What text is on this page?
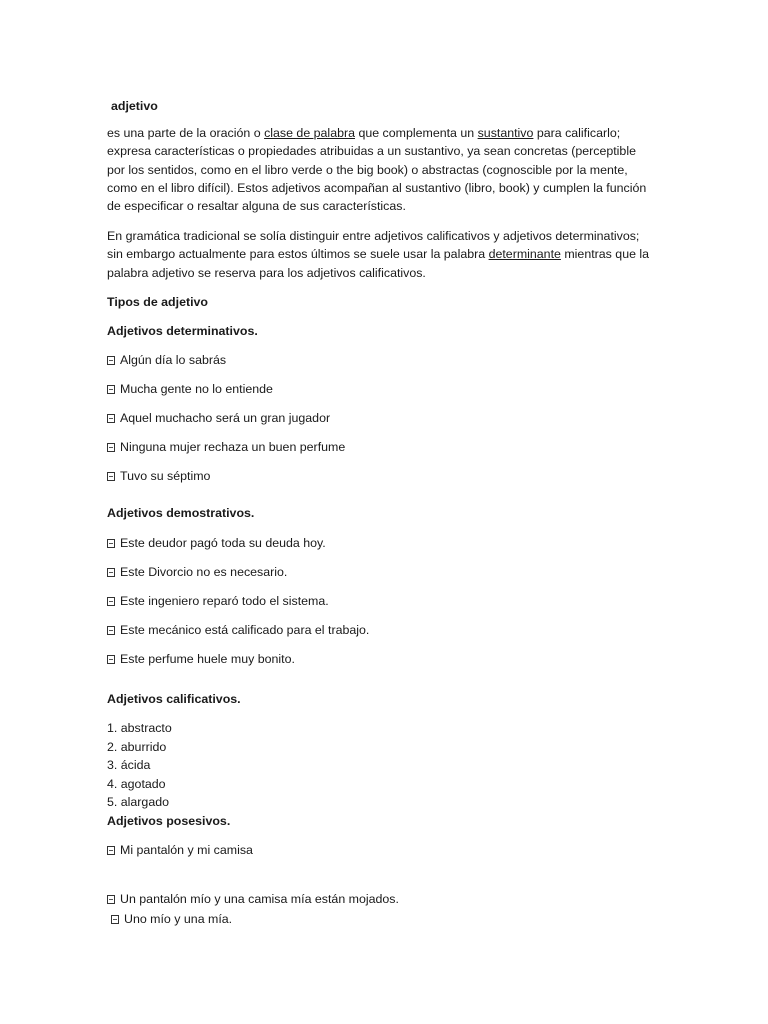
adjetivo
es una parte de la oración o clase de palabra que complementa un sustantivo para calificarlo;
expresa características o propiedades atribuidas a un sustantivo, ya sean concretas (perceptible
por los sentidos, como en el libro verde o the big book) o abstractas (cognoscible por la mente,
como en el libro difícil). Estos adjetivos acompañan al sustantivo (libro, book) y cumplen la función
de especificar o resaltar alguna de sus características.
En gramática tradicional se solía distinguir entre adjetivos calificativos y adjetivos determinativos;
sin embargo actualmente para estos últimos se suele usar la palabra determinante mientras que la
palabra adjetivo se reserva para los adjetivos calificativos.
Tipos de adjetivo
Adjetivos determinativos.
Algún día lo sabrás
Mucha gente no lo entiende
Aquel muchacho será un gran jugador
Ninguna mujer rechaza un buen perfume
Tuvo su séptimo
Adjetivos demostrativos.
Este deudor pagó toda su deuda hoy.
Este Divorcio no es necesario.
Este ingeniero reparó todo el sistema.
Este mecánico está calificado para el trabajo.
Este perfume huele muy bonito.
Adjetivos calificativos.
1. abstracto
2. aburrido
3. ácida
4. agotado
5. alargado
Adjetivos posesivos.
Mi pantalón y mi camisa
Un pantalón mío y una camisa mía están mojados.
Uno mío y una mía.
